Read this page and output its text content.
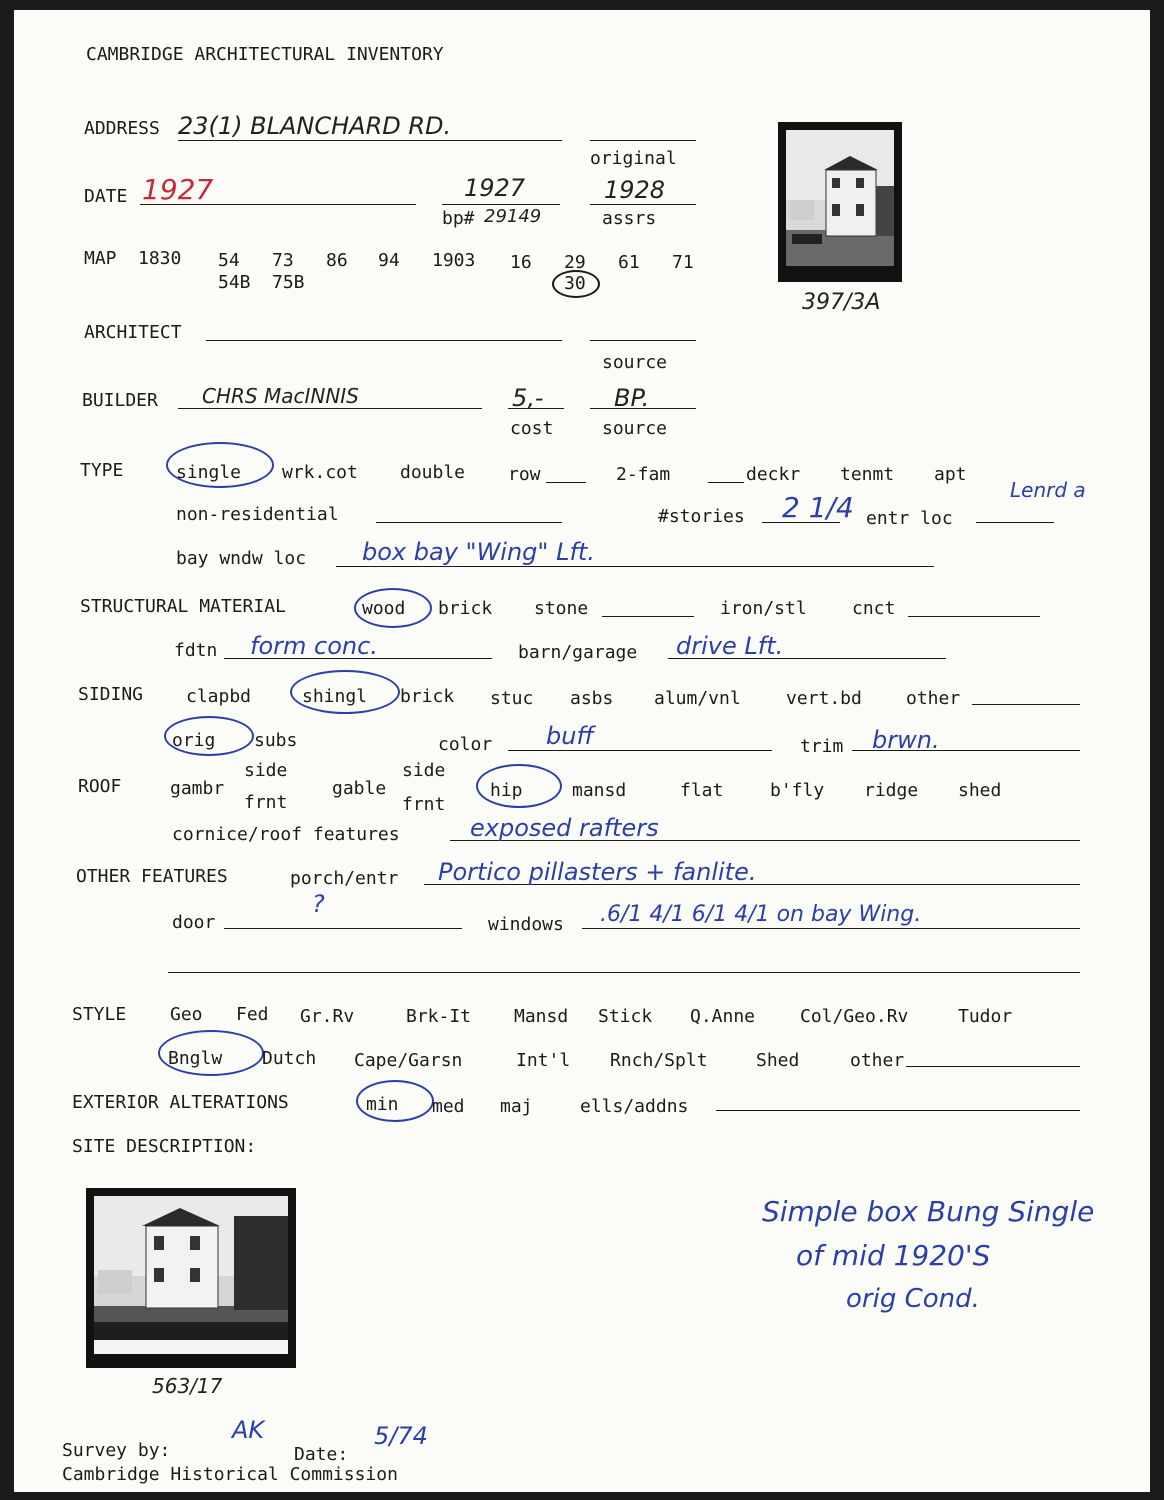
CAMBRIDGE ARCHITECTURAL INVENTORY
397/3A
ADDRESS 23(1) BLANCHARD RD.
original
DATE 1927	1927
bp# 29149
1928
assrs
MAP 1830 54 73 86 94 1903 16 29 61 71
54B 75B	30
ARCHITECT
source
BUILDER CHRS MacINNIS	5,-
cost
BP.
source
TYPE	single wrk.cot double row	2-fam	deckr tenmt apt
non-residential	#stories 2 1/4 entr loc
Lenrd a
bay wndw loc box bay "Wing" Lft.
STRUCTURAL MATERIAL	wood brick stone	iron/stl	cnct
fdtn form conc.	barn/garage drive Lft.
SIDING clapbd	shingl brick stuc asbs alum/vnl	vert.bd other
orig subs	color buff	trim brwn.
ROOF	gambr
side
frnt
gable
side
frnt
hip	mansd	flat	b'fly ridge shed
cornice/roof features	exposed rafters
OTHER FEATURES	porch/entr Portico pillasters + fanlite.
door
?
windows .6/1 4/1 6/1 4/1 on bay Wing.
STYLE Geo Fed Gr.Rv	Brk-It Mansd Stick Q.Anne Col/Geo.Rv	Tudor
Bnglw Dutch Cape/Garsn	Int'l Rnch/Splt	Shed	other
EXTERIOR ALTERATIONS	min med maj	ells/addns
SITE DESCRIPTION:
563/17
Simple box Bung Single
of mid 1920'S
orig Cond.
Survey by:
AK
Date:
5/74
Cambridge Historical Commission
